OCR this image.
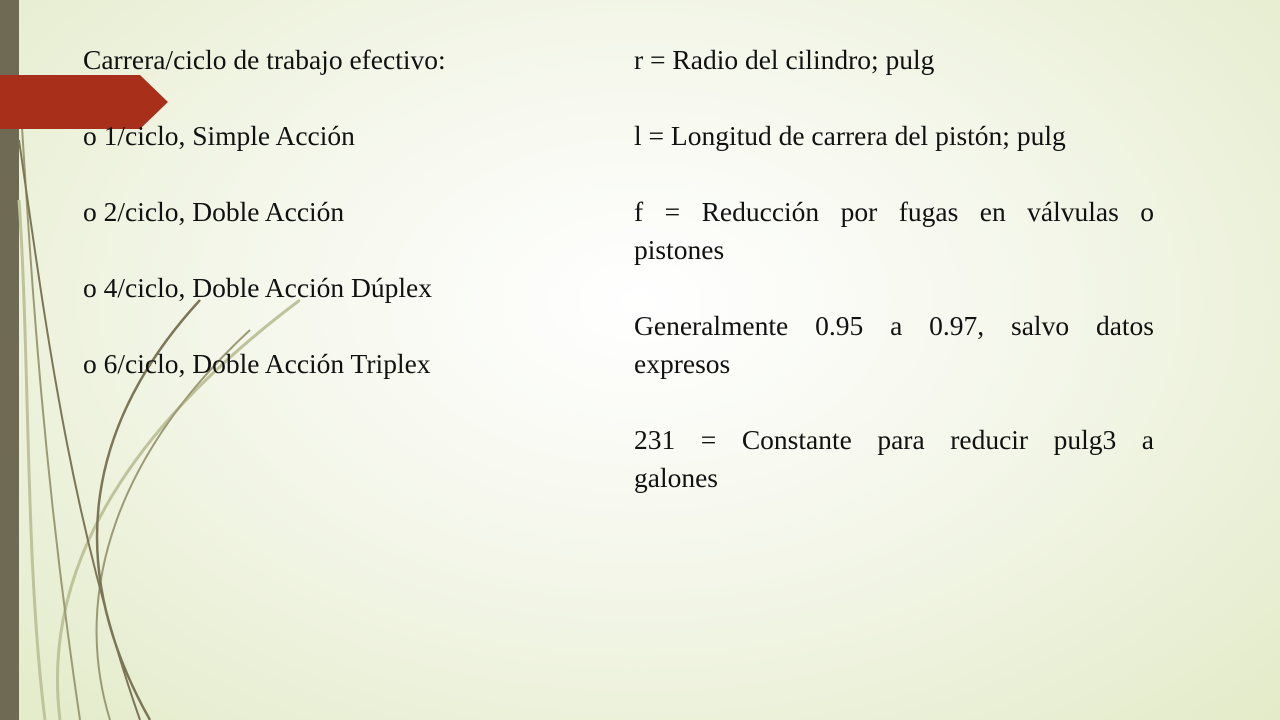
Carrera/ciclo de trabajo efectivo:

o 1/ciclo, Simple Acción

o 2/ciclo, Doble Acción

o 4/ciclo, Doble Acción Dúplex

o 6/ciclo, Doble Acción Triplex

r = Radio del cilindro; pulg

l = Longitud de carrera del pistón; pulg

f = Reducción por fugas en válvulas o

pistones

Generalmente 0.95 a 0.97, salvo datos

expresos

231 = Constante para reducir pulg3 a

galones
